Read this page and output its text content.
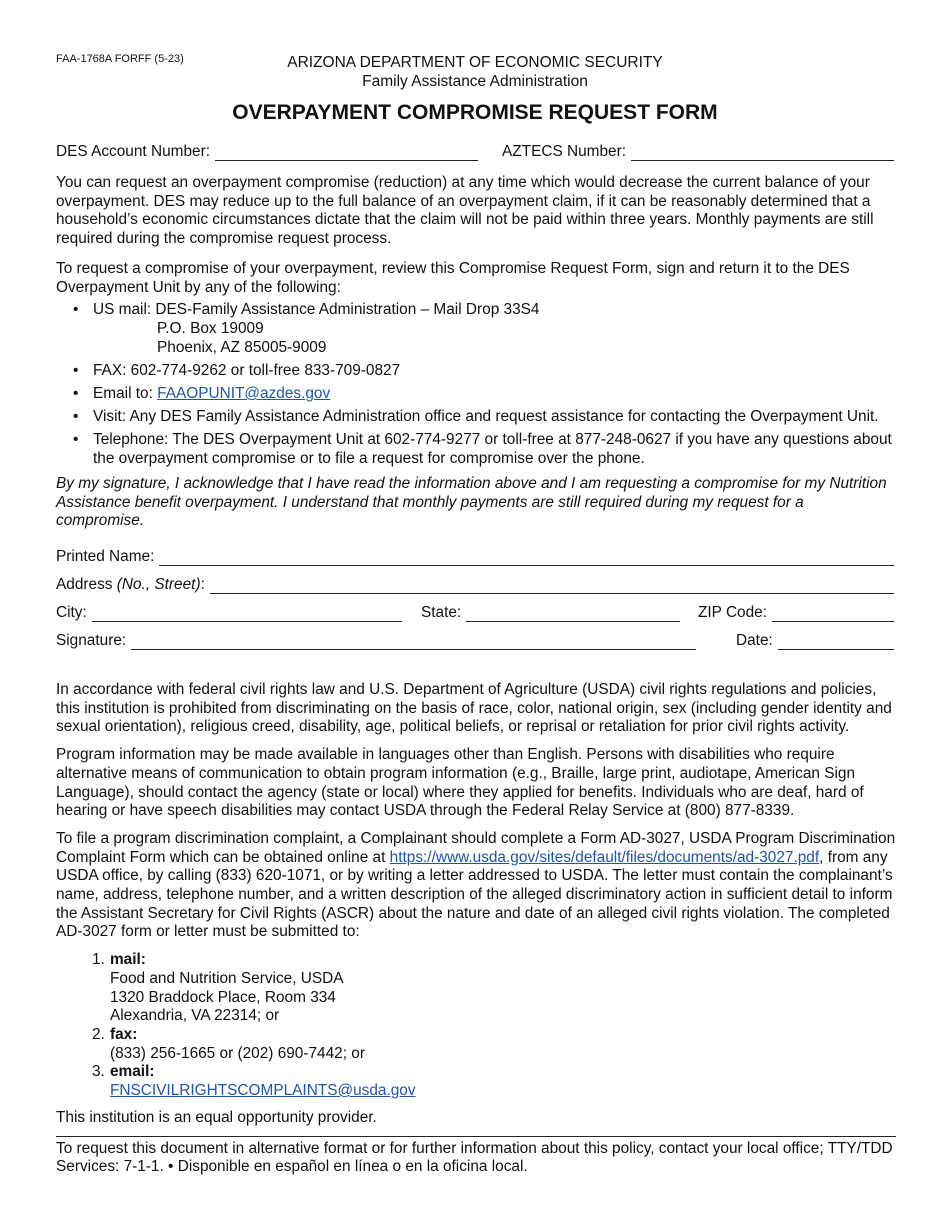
FAA-1768A FORFF (5-23)	ARIZONA DEPARTMENT OF ECONOMIC SECURITY
Family Assistance Administration
OVERPAYMENT COMPROMISE REQUEST FORM
DES Account Number:	AZTECS Number:

You can request an overpayment compromise (reduction) at any time which would decrease the current balance of your overpayment. DES may reduce up to the full balance of an overpayment claim, if it can be reasonably determined that a household’s economic circumstances dictate that the claim will not be paid within three years. Monthly payments are still required during the compromise request process.

To request a compromise of your overpayment, review this Compromise Request Form, sign and return it to the DES Overpayment Unit by any of the following:

• US mail: DES-Family Assistance Administration – Mail Drop 33S4
P.O. Box 19009
Phoenix, AZ 85005-9009
• FAX: 602-774-9262 or toll-free 833-709-0827
• Email to: FAAOPUNIT@azdes.gov
• Visit: Any DES Family Assistance Administration office and request assistance for contacting the Overpayment Unit.
• Telephone: The DES Overpayment Unit at 602-774-9277 or toll-free at 877-248-0627 if you have any questions about the overpayment compromise or to file a request for compromise over the phone.

By my signature, I acknowledge that I have read the information above and I am requesting a compromise for my Nutrition Assistance benefit overpayment. I understand that monthly payments are still required during my request for a compromise.

Printed Name:
Address (No., Street):
City:	State:	ZIP Code:
Signature:	Date:

In accordance with federal civil rights law and U.S. Department of Agriculture (USDA) civil rights regulations and policies, this institution is prohibited from discriminating on the basis of race, color, national origin, sex (including gender identity and sexual orientation), religious creed, disability, age, political beliefs, or reprisal or retaliation for prior civil rights activity.

Program information may be made available in languages other than English. Persons with disabilities who require alternative means of communication to obtain program information (e.g., Braille, large print, audiotape, American Sign Language), should contact the agency (state or local) where they applied for benefits. Individuals who are deaf, hard of hearing or have speech disabilities may contact USDA through the Federal Relay Service at (800) 877-8339.

To file a program discrimination complaint, a Complainant should complete a Form AD-3027, USDA Program Discrimination Complaint Form which can be obtained online at https://www.usda.gov/sites/default/files/documents/ad-3027.pdf, from any USDA office, by calling (833) 620-1071, or by writing a letter addressed to USDA. The letter must contain the complainant’s name, address, telephone number, and a written description of the alleged discriminatory action in sufficient detail to inform the Assistant Secretary for Civil Rights (ASCR) about the nature and date of an alleged civil rights violation. The completed AD-3027 form or letter must be submitted to:

1. mail:
Food and Nutrition Service, USDA
1320 Braddock Place, Room 334
Alexandria, VA 22314; or
2. fax:
(833) 256-1665 or (202) 690-7442; or
3. email:
FNSCIVILRIGHTSCOMPLAINTS@usda.gov

This institution is an equal opportunity provider.

To request this document in alternative format or for further information about this policy, contact your local office; TTY/TDD Services: 7-1-1. • Disponible en español en línea o en la oficina local.
